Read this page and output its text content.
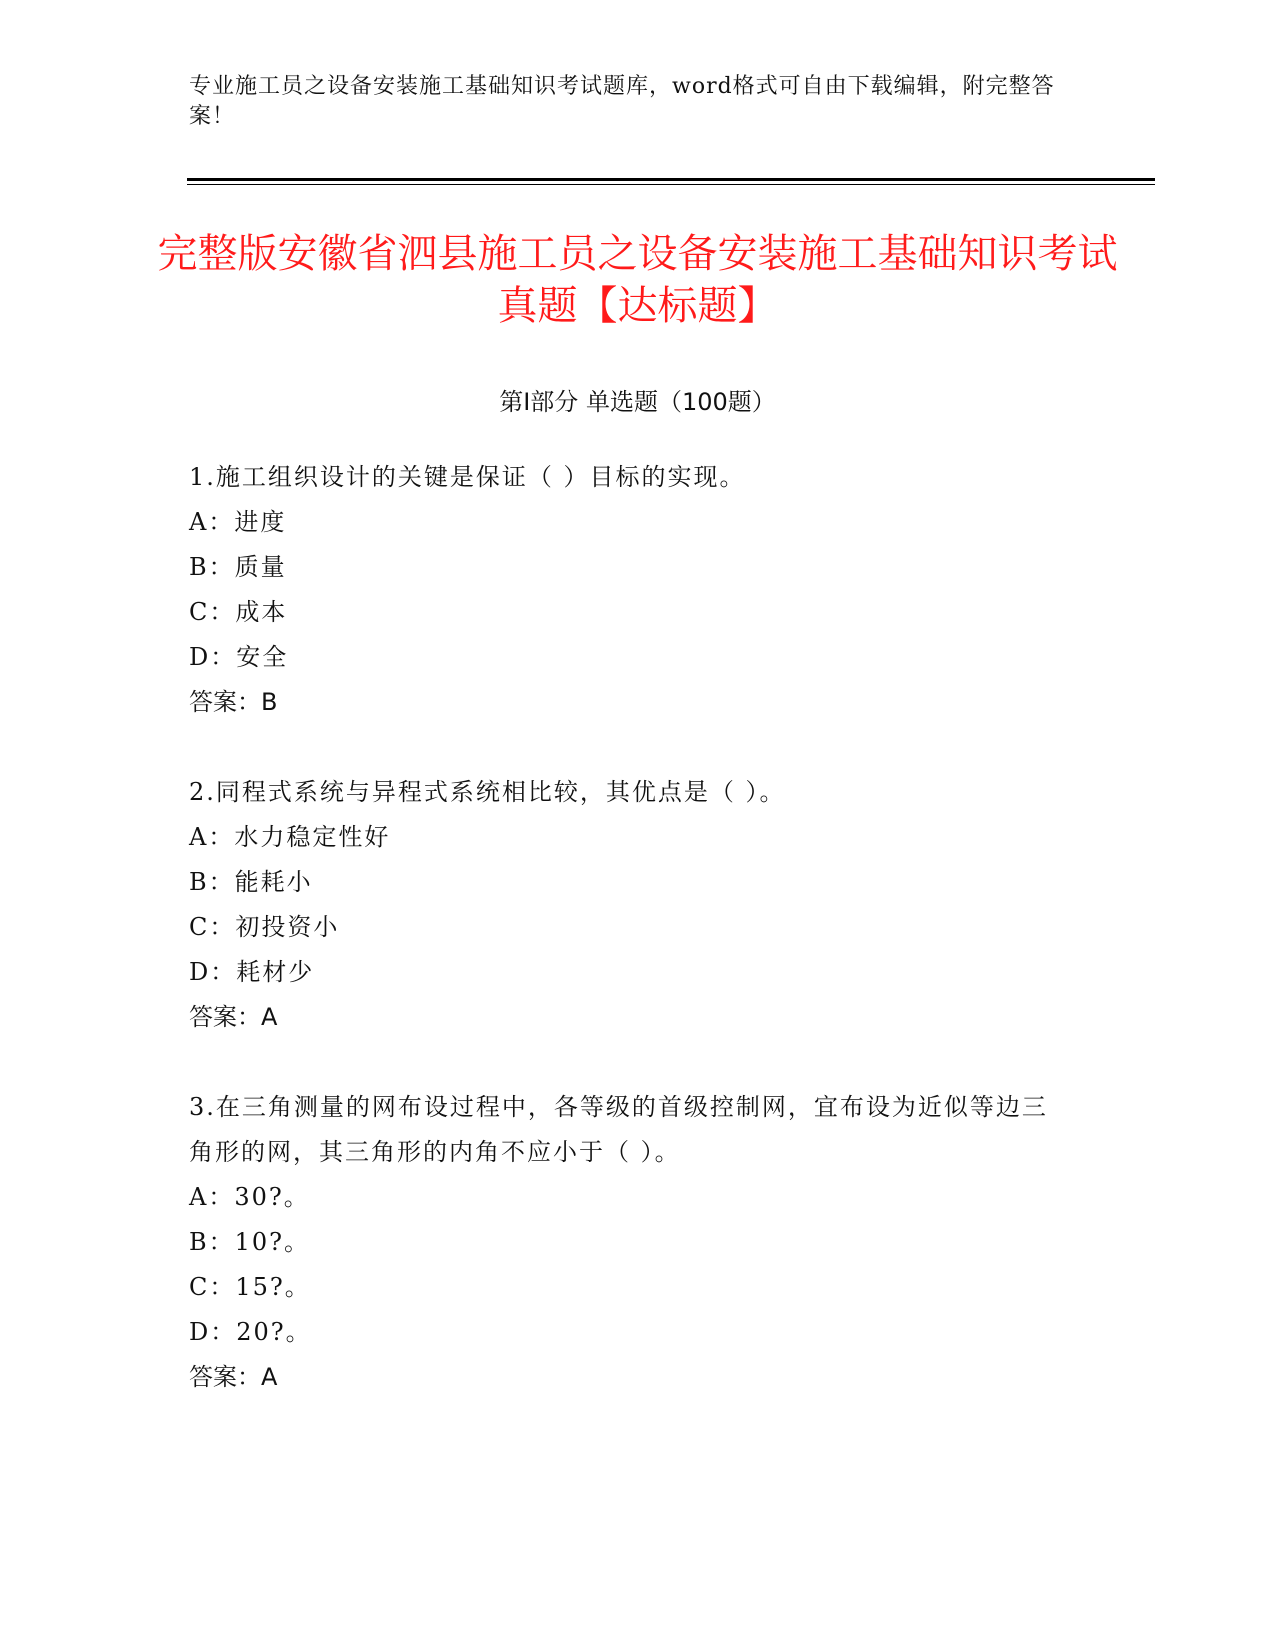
专业施工员之设备安装施工基础知识考试题库，word格式可自由下载编辑，附完整答案！
完整版安徽省泗县施工员之设备安装施工基础知识考试真题【达标题】
第I部分 单选题（100题）
1.施工组织设计的关键是保证（ ）目标的实现。
A：进度
B：质量
C：成本
D：安全
答案：B
2.同程式系统与异程式系统相比较，其优点是（ ）。
A：水力稳定性好
B：能耗小
C：初投资小
D：耗材少
答案：A
3.在三角测量的网布设过程中，各等级的首级控制网，宜布设为近似等边三角形的网，其三角形的内角不应小于（ ）。
A：30?。
B：10?。
C：15?。
D：20?。
答案：A
